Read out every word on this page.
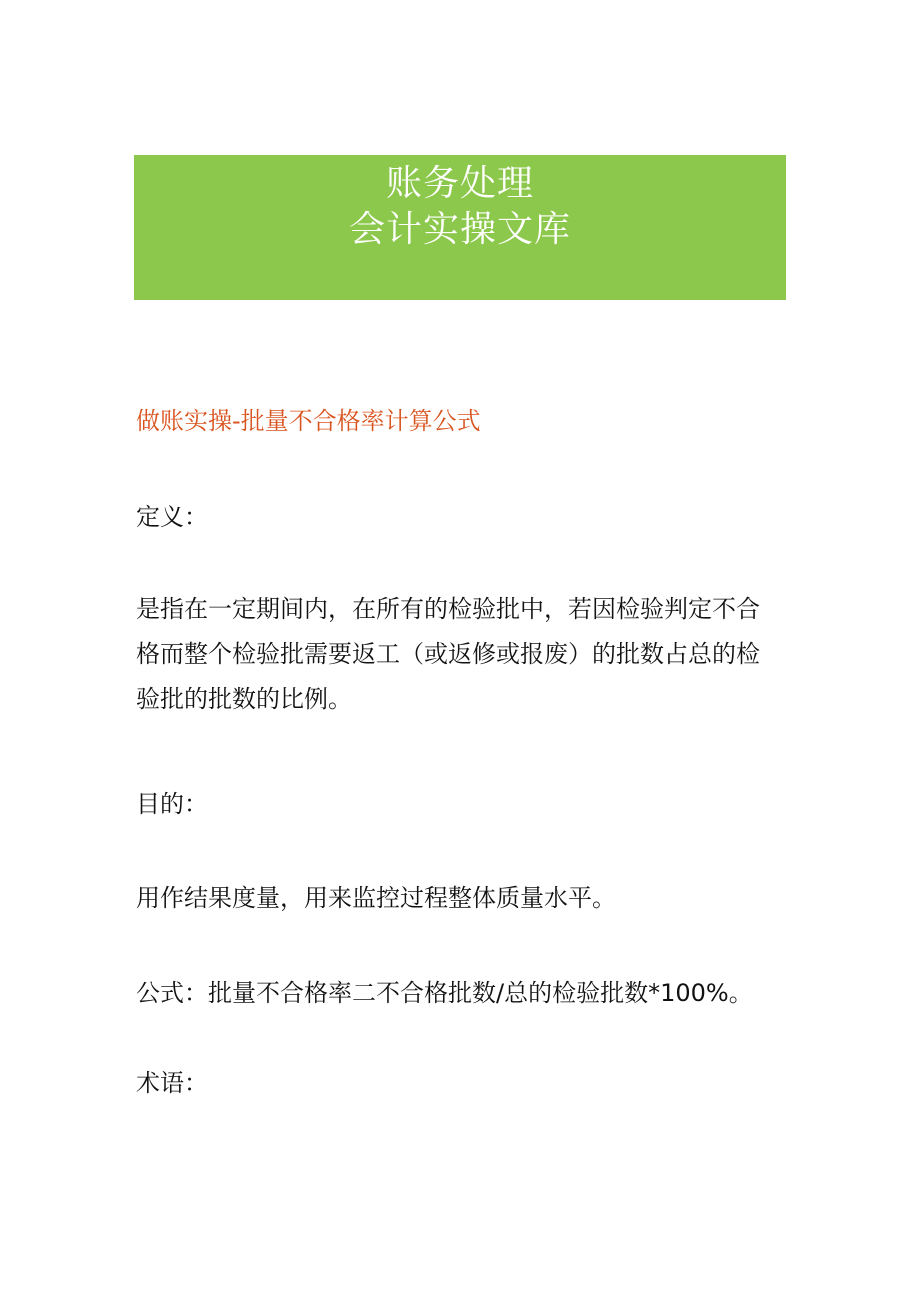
账务处理
会计实操文库
做账实操-批量不合格率计算公式
定义：
是指在一定期间内，在所有的检验批中，若因检验判定不合
格而整个检验批需要返工（或返修或报废）的批数占总的检
验批的批数的比例。
目的：
用作结果度量，用来监控过程整体质量水平。
公式：批量不合格率二不合格批数/总的检验批数*100%。
术语：
